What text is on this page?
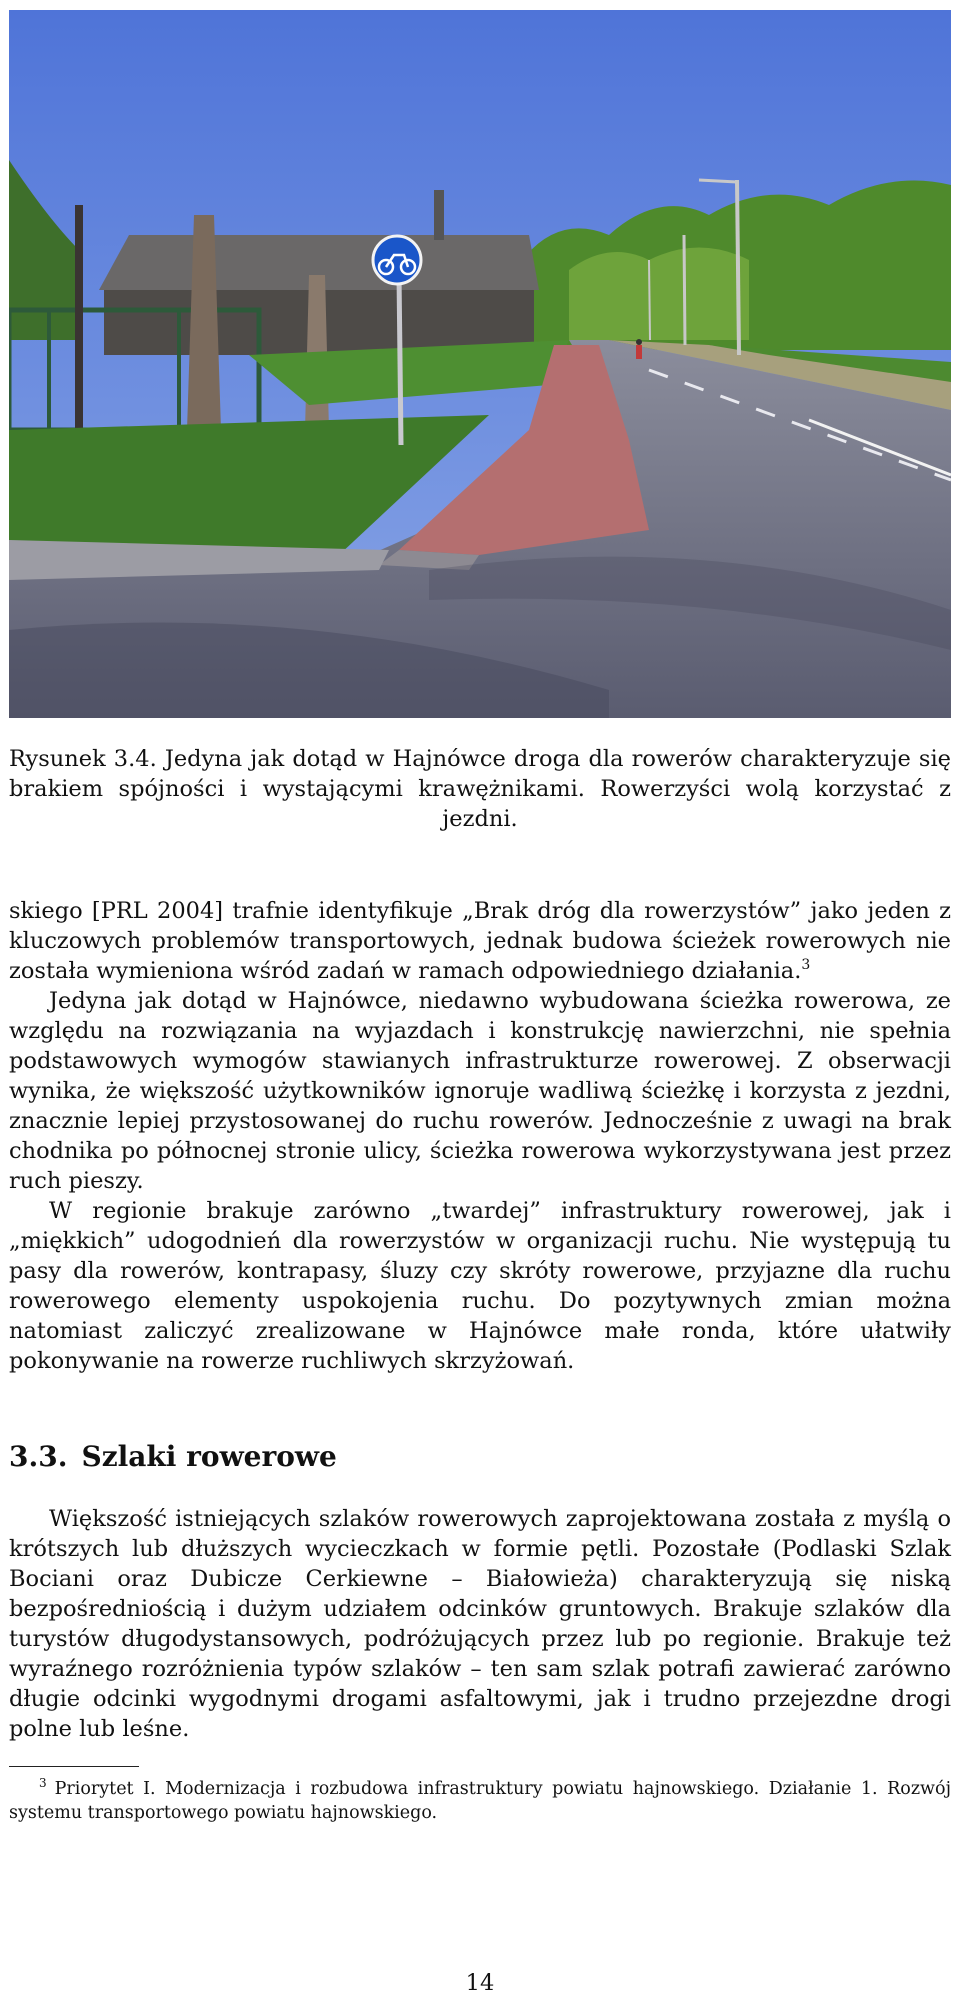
Rysunek 3.4. Jedyna jak dotąd w Hajnówce droga dla rowerów charakteryzuje się brakiem spójności i wystającymi krawężnikami. Rowerzyści wolą korzystać z jezdni.

skiego [PRL 2004] trafnie identyfikuje „Brak dróg dla rowerzystów” jako jeden z kluczowych problemów transportowych, jednak budowa ścieżek rowerowych nie została wymieniona wśród zadań w ramach odpowiedniego działania.$^3$

Jedyna jak dotąd w Hajnówce, niedawno wybudowana ścieżka rowerowa, ze względu na rozwiązania na wyjazdach i konstrukcję nawierzchni, nie spełnia podstawowych wymogów stawianych infrastrukturze rowerowej. Z obserwacji wynika, że większość użytkowników ignoruje wadliwą ścieżkę i korzysta z jezdni, znacznie lepiej przystosowanej do ruchu rowerów. Jednocześnie z uwagi na brak chodnika po północnej stronie ulicy, ścieżka rowerowa wykorzystywana jest przez ruch pieszy.

W regionie brakuje zarówno „twardej” infrastruktury rowerowej, jak i „miękkich” udogodnień dla rowerzystów w organizacji ruchu. Nie występują tu pasy dla rowerów, kontrapasy, śluzy czy skróty rowerowe, przyjazne dla ruchu rowerowego elementy uspokojenia ruchu. Do pozytywnych zmian można natomiast zaliczyć zrealizowane w Hajnówce małe ronda, które ułatwiły pokonywanie na rowerze ruchliwych skrzyżowań.

3.3. Szlaki rowerowe

Większość istniejących szlaków rowerowych zaprojektowana została z myślą o krótszych lub dłuższych wycieczkach w formie pętli. Pozostałe (Podlaski Szlak Bociani oraz Dubicze Cerkiewne – Białowieża) charakteryzują się niską bezpośredniością i dużym udziałem odcinków gruntowych. Brakuje szlaków dla turystów długodystansowych, podróżujących przez lub po regionie. Brakuje też wyraźnego rozróżnienia typów szlaków – ten sam szlak potrafi zawierać zarówno długie odcinki wygodnymi drogami asfaltowymi, jak i trudno przejezdne drogi polne lub leśne.

$^3$ Priorytet I. Modernizacja i rozbudowa infrastruktury powiatu hajnowskiego. Działanie 1. Rozwój systemu transportowego powiatu hajnowskiego.
14
